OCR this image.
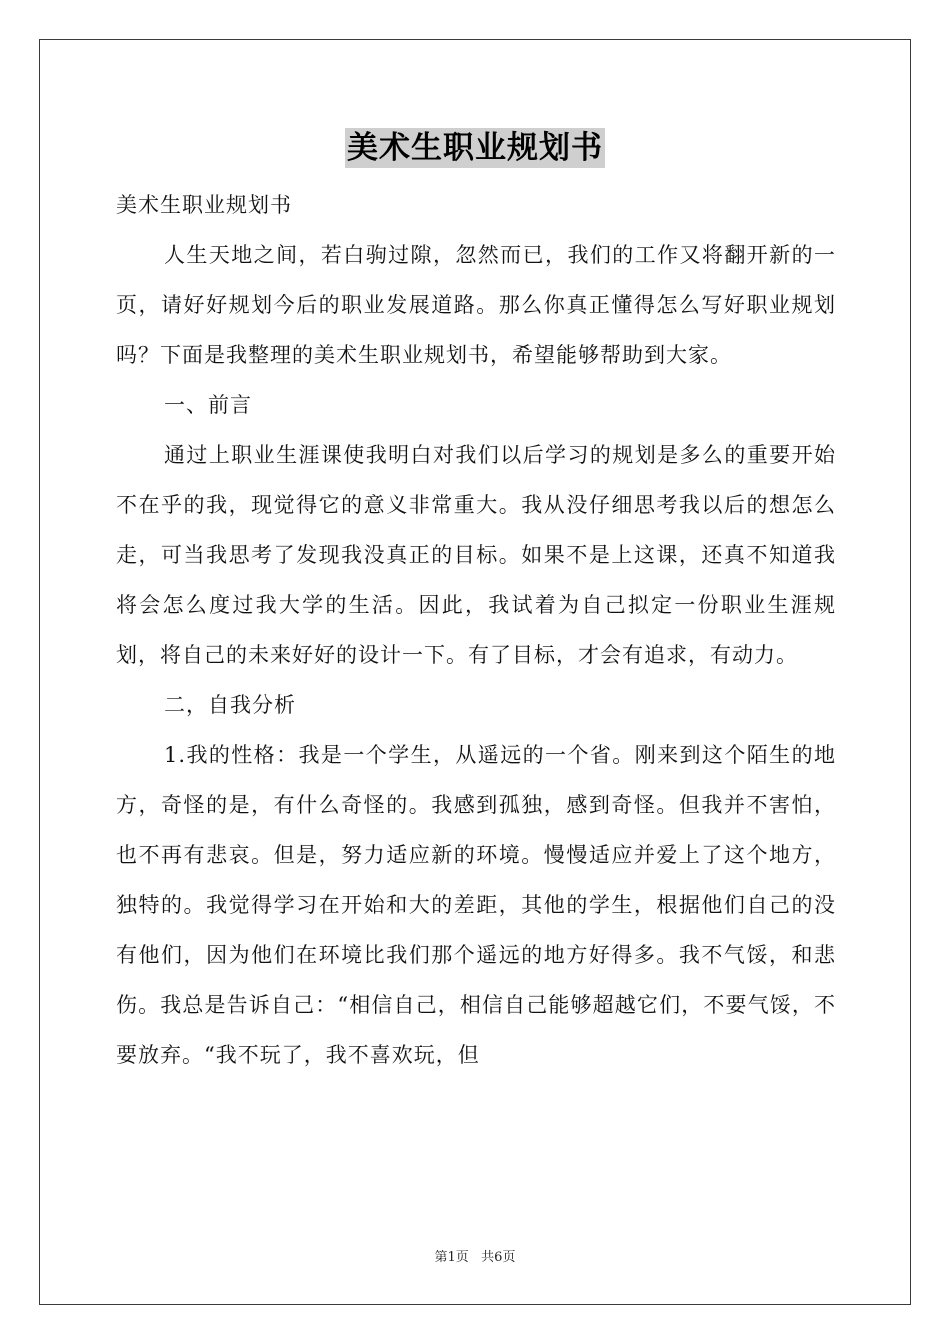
美术生职业规划书

美术生职业规划书

人生天地之间，若白驹过隙，忽然而已，我们的工作又将翻开新的一页，请好好规划今后的职业发展道路。那么你真正懂得怎么写好职业规划吗？下面是我整理的美术生职业规划书，希望能够帮助到大家。

一、前言

通过上职业生涯课使我明白对我们以后学习的规划是多么的重要开始不在乎的我，现觉得它的意义非常重大。我从没仔细思考我以后的想怎么走，可当我思考了发现我没真正的目标。如果不是上这课，还真不知道我将会怎么度过我大学的生活。因此，我试着为自己拟定一份职业生涯规划，将自己的未来好好的设计一下。有了目标，才会有追求，有动力。

二，自我分析

1.我的性格：我是一个学生，从遥远的一个省。刚来到这个陌生的地方，奇怪的是，有什么奇怪的。我感到孤独，感到奇怪。但我并不害怕，也不再有悲哀。但是，努力适应新的环境。慢慢适应并爱上了这个地方，独特的。我觉得学习在开始和大的差距，其他的学生，根据他们自己的没有他们，因为他们在环境比我们那个遥远的地方好得多。我不气馁，和悲伤。我总是告诉自己：“相信自己，相信自己能够超越它们，不要气馁，不要放弃。“我不玩了，我不喜欢玩，但

第1页   共6页
